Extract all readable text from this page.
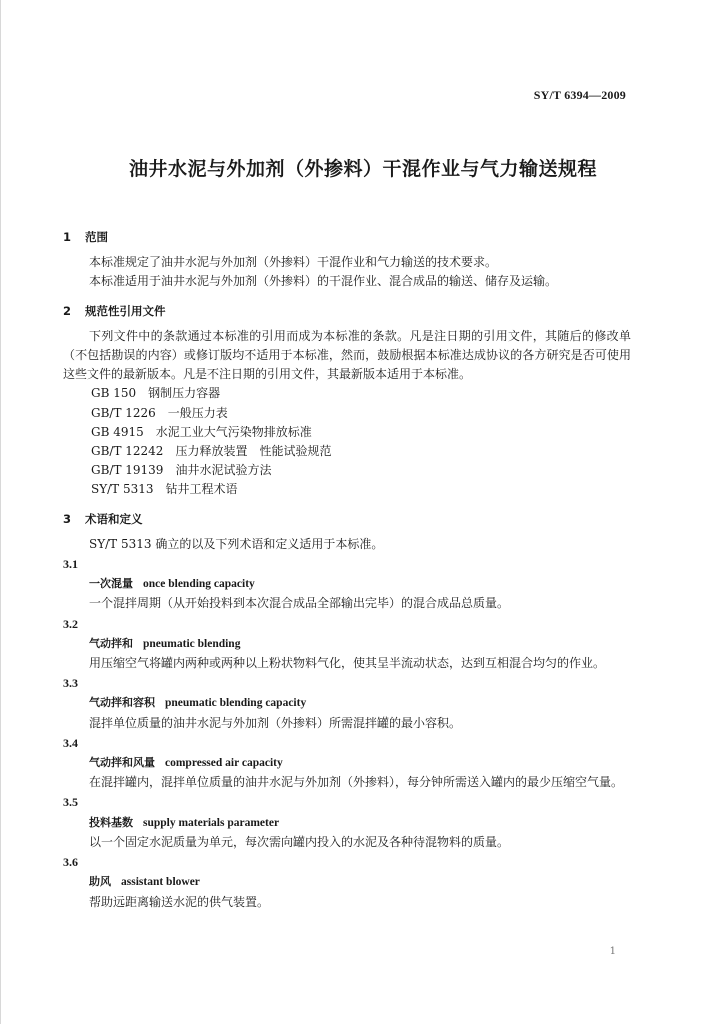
SY/T 6394—2009
油井水泥与外加剂（外掺料）干混作业与气力输送规程
1 范围

本标准规定了油井水泥与外加剂（外掺料）干混作业和气力输送的技术要求。

本标准适用于油井水泥与外加剂（外掺料）的干混作业、混合成品的输送、储存及运输。

2 规范性引用文件

下列文件中的条款通过本标准的引用而成为本标准的条款。凡是注日期的引用文件，其随后的修改单（不包括勘误的内容）或修订版均不适用于本标准，然而，鼓励根据本标准达成协议的各方研究是否可使用这些文件的最新版本。凡是不注日期的引用文件，其最新版本适用于本标准。

GB 150　钢制压力容器

GB/T 1226　一般压力表

GB 4915　水泥工业大气污染物排放标准

GB/T 12242　压力释放装置　性能试验规范

GB/T 19139　油井水泥试验方法

SY/T 5313　钻井工程术语

3 术语和定义

SY/T 5313 确立的以及下列术语和定义适用于本标准。

3.1
一次混量 once blending capacity

一个混拌周期（从开始投料到本次混合成品全部输出完毕）的混合成品总质量。

3.2
气动拌和 pneumatic blending

用压缩空气将罐内两种或两种以上粉状物料气化，使其呈半流动状态，达到互相混合均匀的作业。

3.3
气动拌和容积 pneumatic blending capacity

混拌单位质量的油井水泥与外加剂（外掺料）所需混拌罐的最小容积。

3.4
气动拌和风量 compressed air capacity

在混拌罐内，混拌单位质量的油井水泥与外加剂（外掺料），每分钟所需送入罐内的最少压缩空气量。

3.5
投料基数 supply materials parameter

以一个固定水泥质量为单元，每次需向罐内投入的水泥及各种待混物料的质量。

3.6
助风 assistant blower

帮助远距离输送水泥的供气装置。

1
